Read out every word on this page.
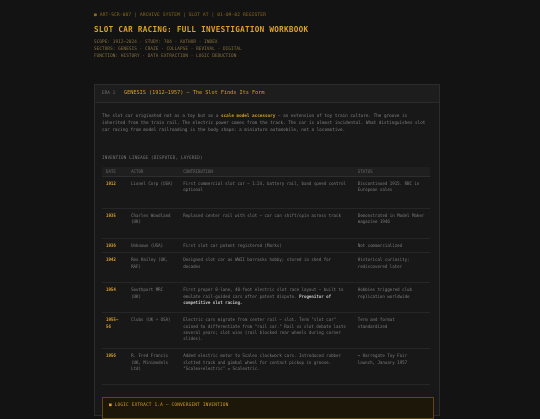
■ ART-SCR-007 | ARCHIVE SYSTEM | SLOT AT | 01-09-02 REGISTER
SLOT CAR RACING: FULL INVESTIGATION WORKBOOK
SCOPE: 1912–2024 · STUDY: 704 · AUTHOR · INDEX
SECTORS: GENESIS · CRAZE · COLLAPSE · REVIVAL · DIGITAL
FUNCTION: HISTORY · DATA EXTRACTION · LOGIC DEDUCTION
ERA 1 GENESIS (1912–1957) — The Slot Finds Its Form

The slot car originated not as a toy but as a scale model accessory — an extension of toy train culture. The groove is inherited from the train rail. The electric power comes from the track. The car is almost incidental. What distinguishes slot car racing from model railroading is the body shape: a miniature automobile, not a locomotive.

INVENTION LINEAGE (DISPUTED, LAYERED)
DATE	ACTOR	CONTRIBUTION	STATUS
1912	Lionel Corp (USA)	First commercial slot car — 1:24, battery rail, band speed control optional	Discontinued 1915. RBC in European sales
1935	Charles Woodland (UK)	Replaced center rail with slot — car can shift/spin across track	Demonstrated in Model Maker magazine 1946
1936	Unknown (USA)	First slot car patent registered (Marks)	Not commercialized
1942	Rex Hailey (UK, RAF)	Designed slot car as WWII barracks hobby; stored in shed for decades	Historical curiosity; rediscovered later
1954	Southport MRC (UK)	First proper 8-lane, 40-foot electric slot race layout — built to emulate rail-guided cars after patent dispute. Progenitor of competitive slot racing.	Hobbies triggered club replication worldwide
1955–56	Clubs (UK + USA)	Electric cars migrate from center rail — slot. Term "slot car" coined to differentiate from "rail car." Rail vs slot debate lasts several years; slot wins (rail blocked rear wheels during corner slides).	Term and format standardized
1956	R. Fred Francis (UK, Minimodels Ltd)	Added electric motor to Scalex clockwork cars. Introduced rubber slotted track and gimbal wheel for contact pickup in groove. "Scalex+electric" = Scalextric.	→ Harrogate Toy Fair launch, January 1957
■ LOGIC EXTRACT 1.A — CONVERGENT INVENTION
